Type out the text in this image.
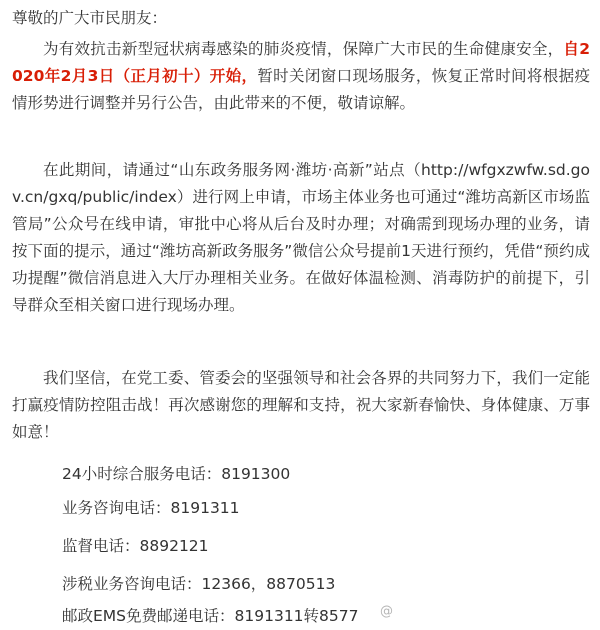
尊敬的广大市民朋友：
为有效抗击新型冠状病毒感染的肺炎疫情，保障广大市民的生命健康安全，自2020年2月3日（正月初十）开始，暂时关闭窗口现场服务，恢复正常时间将根据疫情形势进行调整并另行公告，由此带来的不便，敬请谅解。
在此期间，请通过“山东政务服务网·潍坊·高新”站点（http://wfgxzwfw.sd.gov.cn/gxq/public/index）进行网上申请，市场主体业务也可通过“潍坊高新区市场监管局”公众号在线申请，审批中心将从后台及时办理；对确需到现场办理的业务，请按下面的提示，通过“潍坊高新政务服务”微信公众号提前1天进行预约，凭借“预约成功提醒”微信消息进入大厅办理相关业务。在做好体温检测、消毒防护的前提下，引导群众至相关窗口进行现场办理。
我们坚信，在党工委、管委会的坚强领导和社会各界的共同努力下，我们一定能打赢疫情防控阻击战！再次感谢您的理解和支持，祝大家新春愉快、身体健康、万事如意！
24小时综合服务电话：8191300
业务咨询电话：8191311
监督电话：8892121
涉税业务咨询电话：12366，8870513
邮政EMS免费邮递电话：8191311转8577 @
